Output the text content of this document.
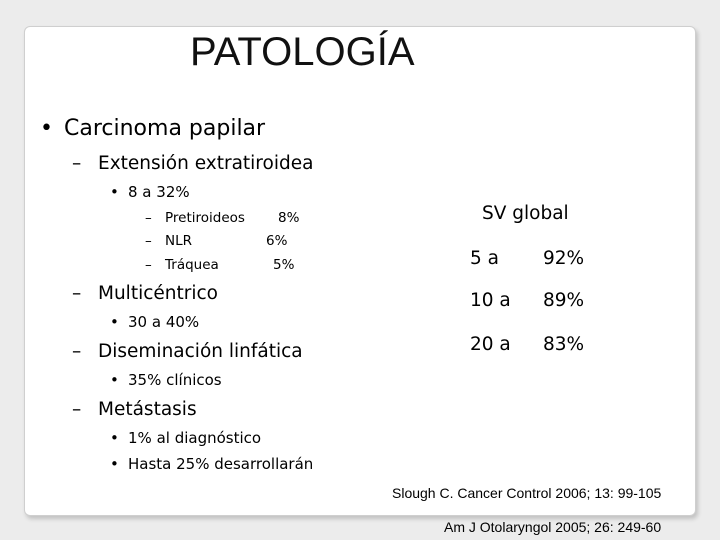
PATOLOGÍA
• Carcinoma papilar
– Extensión extratiroidea
• 8 a 32%
– Pretiroideos 8%
– NLR	6%
– Tráquea	5%
– Multicéntrico
• 30 a 40%
– Diseminación linfática
• 35% clínicos
– Metástasis
• 1% al diagnóstico
• Hasta 25% desarrollarán
SV global
5 a 92%
10 a 89%
20 a 83%
Slough C. Cancer Control 2006; 13: 99-105
Am J Otolaryngol 2005; 26: 249-60
